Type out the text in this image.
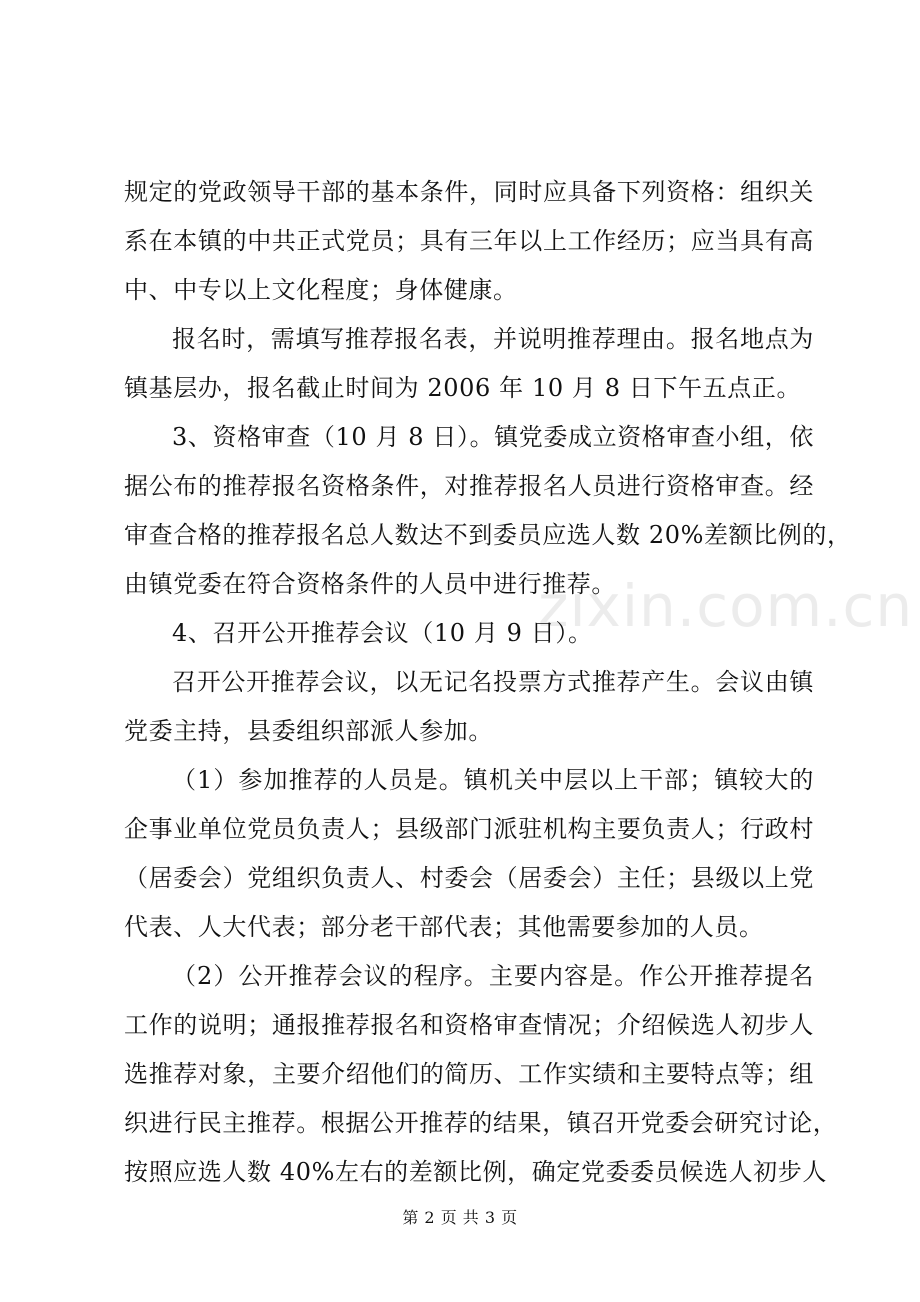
zixin.com.cn
规定的党政领导干部的基本条件，同时应具备下列资格：组织关
系在本镇的中共正式党员；具有三年以上工作经历；应当具有高
中、中专以上文化程度；身体健康。
报名时，需填写推荐报名表，并说明推荐理由。报名地点为
镇基层办，报名截止时间为 2006 年 10 月 8 日下午五点正。
3、资格审查（10 月 8 日）。镇党委成立资格审查小组，依
据公布的推荐报名资格条件，对推荐报名人员进行资格审查。经
审查合格的推荐报名总人数达不到委员应选人数 20%差额比例的，
由镇党委在符合资格条件的人员中进行推荐。
4、召开公开推荐会议（10 月 9 日）。
召开公开推荐会议，以无记名投票方式推荐产生。会议由镇
党委主持，县委组织部派人参加。
（1）参加推荐的人员是。镇机关中层以上干部；镇较大的
企事业单位党员负责人；县级部门派驻机构主要负责人；行政村
（居委会）党组织负责人、村委会（居委会）主任；县级以上党
代表、人大代表；部分老干部代表；其他需要参加的人员。
（2）公开推荐会议的程序。主要内容是。作公开推荐提名
工作的说明；通报推荐报名和资格审查情况；介绍候选人初步人
选推荐对象，主要介绍他们的简历、工作实绩和主要特点等；组
织进行民主推荐。根据公开推荐的结果，镇召开党委会研究讨论，
按照应选人数 40%左右的差额比例，确定党委委员候选人初步人
第 2 页 共 3 页
